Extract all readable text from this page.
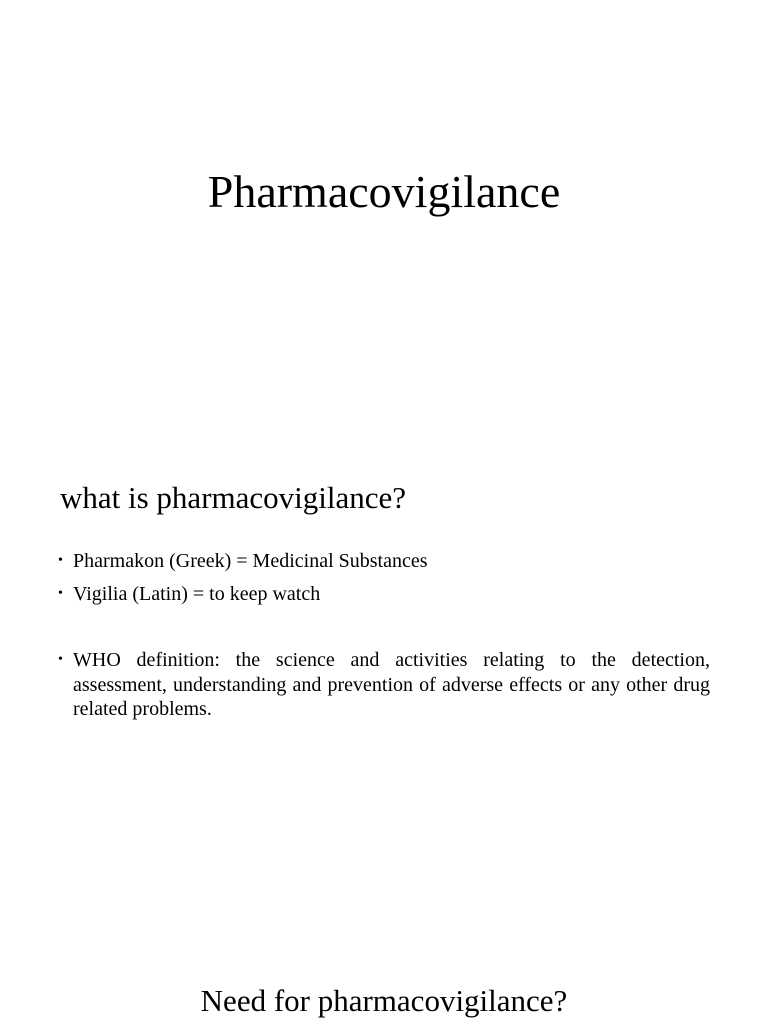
Pharmacovigilance
what is pharmacovigilance?
• Pharmakon (Greek) = Medicinal Substances
• Vigilia (Latin) = to keep watch
• WHO definition: the science and activities relating to the detection, assessment, understanding and prevention of adverse effects or any other drug related problems.
Need for pharmacovigilance?
